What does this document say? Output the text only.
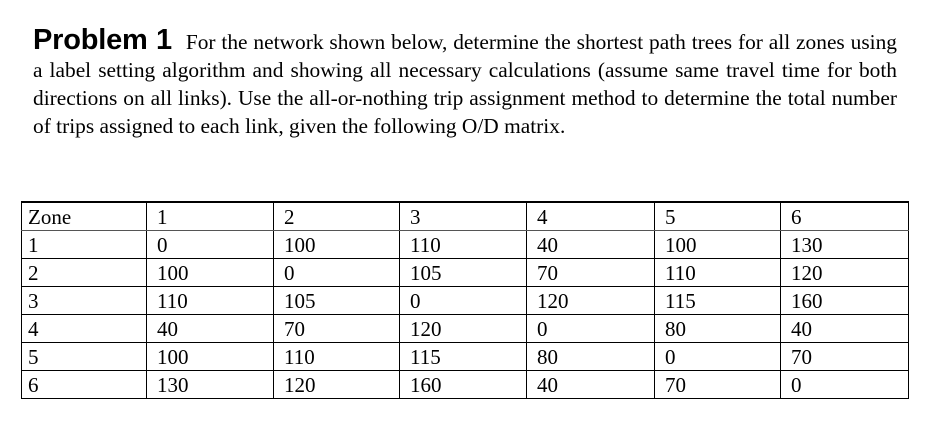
Problem 1 For the network shown below, determine the shortest path trees for all zones using a label setting algorithm and showing all necessary calculations (assume same travel time for both directions on all links). Use the all-or-nothing trip assignment method to determine the total number of trips assigned to each link, given the following O/D matrix.

Zone	1	2	3	4	5	6
1	0	100	110	40	100	130
2	100	0	105	70	110	120
3	110	105	0	120	115	160
4	40	70	120	0	80	40
5	100	110	115	80	0	70
6	130	120	160	40	70	0
